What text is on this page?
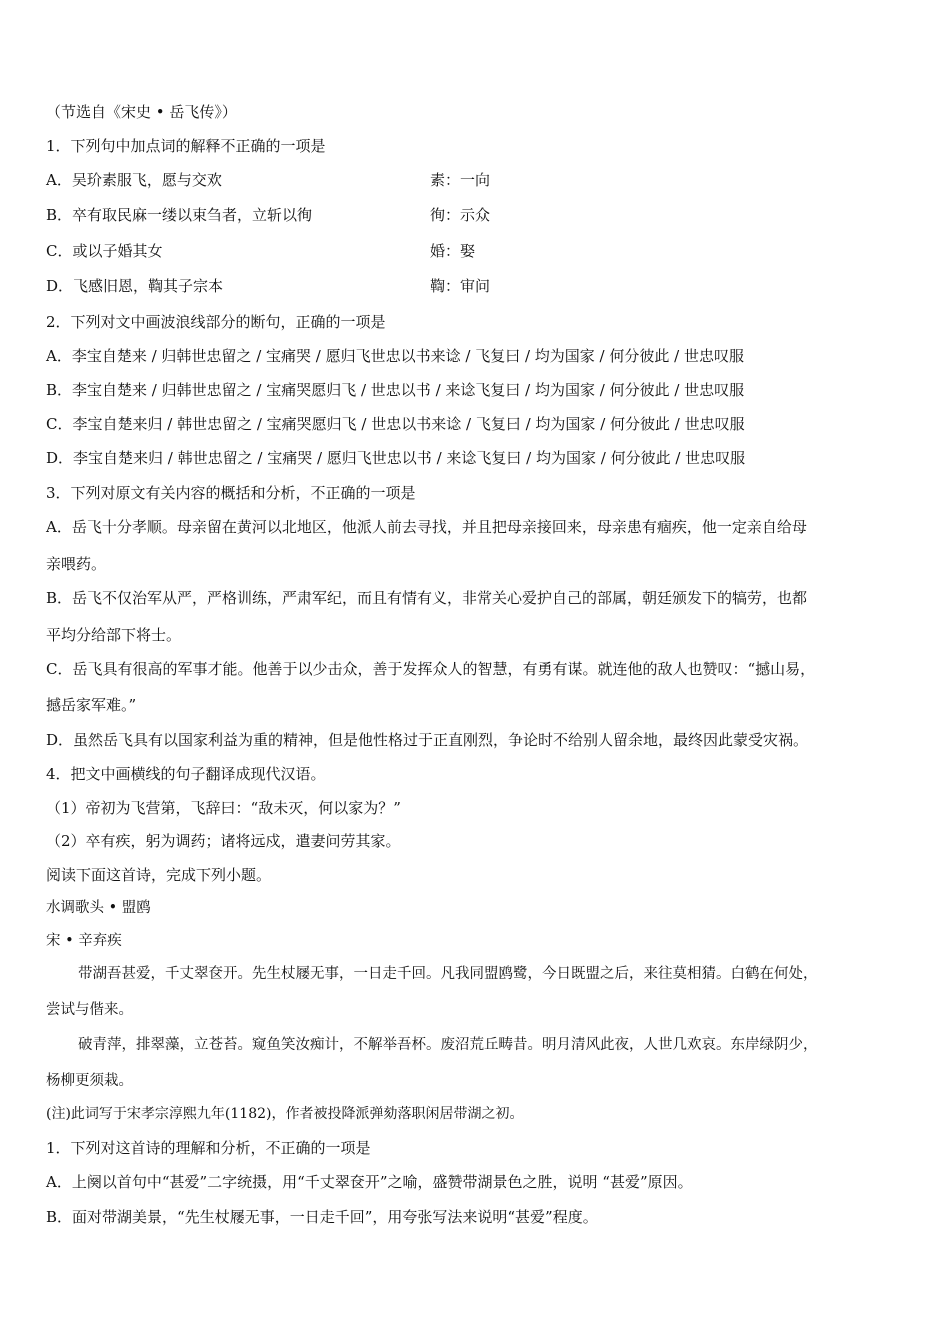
（节选自《宋史 • 岳飞传》）
1．下列句中加点词的解释不正确的一项是
A．吴玠素服飞，愿与交欢	素：一向
B．卒有取民麻一缕以束刍者，立斩以徇	徇：示众
C．或以子婚其女	婚：娶
D．飞感旧恩，鞫其子宗本	鞫：审问
2．下列对文中画波浪线部分的断句，正确的一项是
A．李宝自楚来 / 归韩世忠留之 / 宝痛哭 / 愿归飞世忠以书来谂 / 飞复曰 / 均为国家 / 何分彼此 / 世忠叹服
B．李宝自楚来 / 归韩世忠留之 / 宝痛哭愿归飞 / 世忠以书 / 来谂飞复曰 / 均为国家 / 何分彼此 / 世忠叹服
C．李宝自楚来归 / 韩世忠留之 / 宝痛哭愿归飞 / 世忠以书来谂 / 飞复曰 / 均为国家 / 何分彼此 / 世忠叹服
D．李宝自楚来归 / 韩世忠留之 / 宝痛哭 / 愿归飞世忠以书 / 来谂飞复曰 / 均为国家 / 何分彼此 / 世忠叹服
3．下列对原文有关内容的概括和分析，不正确的一项是
A．岳飞十分孝顺。母亲留在黄河以北地区，他派人前去寻找，并且把母亲接回来，母亲患有痼疾，他一定亲自给母
亲喂药。
B．岳飞不仅治军从严，严格训练，严肃军纪，而且有情有义，非常关心爱护自己的部属，朝廷颁发下的犒劳，也都
平均分给部下将士。
C．岳飞具有很高的军事才能。他善于以少击众，善于发挥众人的智慧，有勇有谋。就连他的敌人也赞叹：“撼山易，
撼岳家军难。”
D．虽然岳飞具有以国家利益为重的精神，但是他性格过于正直刚烈，争论时不给别人留余地，最终因此蒙受灾祸。
4．把文中画横线的句子翻译成现代汉语。
（1）帝初为飞营第，飞辞曰：“敌未灭，何以家为？”
（2）卒有疾，躬为调药；诸将远戍，遣妻问劳其家。
阅读下面这首诗，完成下列小题。
水调歌头 • 盟鸥
宋 • 辛弃疾
带湖吾甚爱，千丈翠奁开。先生杖屦无事，一日走千回。凡我同盟鸥鹭，今日既盟之后，来往莫相猜。白鹤在何处，
尝试与偕来。
破青萍，排翠藻，立苍苔。窥鱼笑汝痴计，不解举吾杯。废沼荒丘畴昔。明月清风此夜，人世几欢哀。东岸绿阴少，
杨柳更须栽。
(注)此词写于宋孝宗淳熙九年(1182)，作者被投降派弹劾落职闲居带湖之初。
1．下列对这首诗的理解和分析，不正确的一项是
A．上阕以首句中“甚爱”二字统摄，用“千丈翠奁开”之喻，盛赞带湖景色之胜，说明 “甚爱”原因。
B．面对带湖美景，“先生杖屦无事，一日走千回”，用夸张写法来说明“甚爱”程度。
